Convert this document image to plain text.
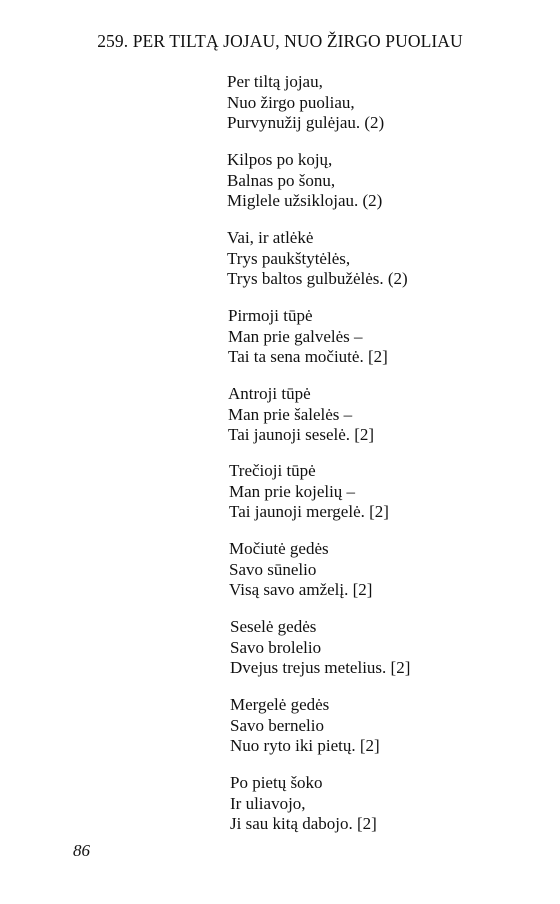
259. PER TILTĄ JOJAU, NUO ŽIRGO PUOLIAU

Per tiltą jojau,
Nuo žirgo puoliau,
Purvynužij gulėjau. (2)

Kilpos po kojų,
Balnas po šonu,
Miglele užsiklojau. (2)

Vai, ir atlėkė
Trys paukštytėlės,
Trys baltos gulbužėlės. (2)

Pirmoji tūpė
Man prie galvelės –
Tai ta sena močiutė. [2]

Antroji tūpė
Man prie šalelės –
Tai jaunoji seselė. [2]

Trečioji tūpė
Man prie kojelių –
Tai jaunoji mergelė. [2]

Močiutė gedės
Savo sūnelio
Visą savo amželį. [2]

Seselė gedės
Savo brolelio
Dvejus trejus metelius. [2]

Mergelė gedės
Savo bernelio
Nuo ryto iki pietų. [2]

Po pietų šoko
Ir uliavojo,
Ji sau kitą dabojo. [2]

86
